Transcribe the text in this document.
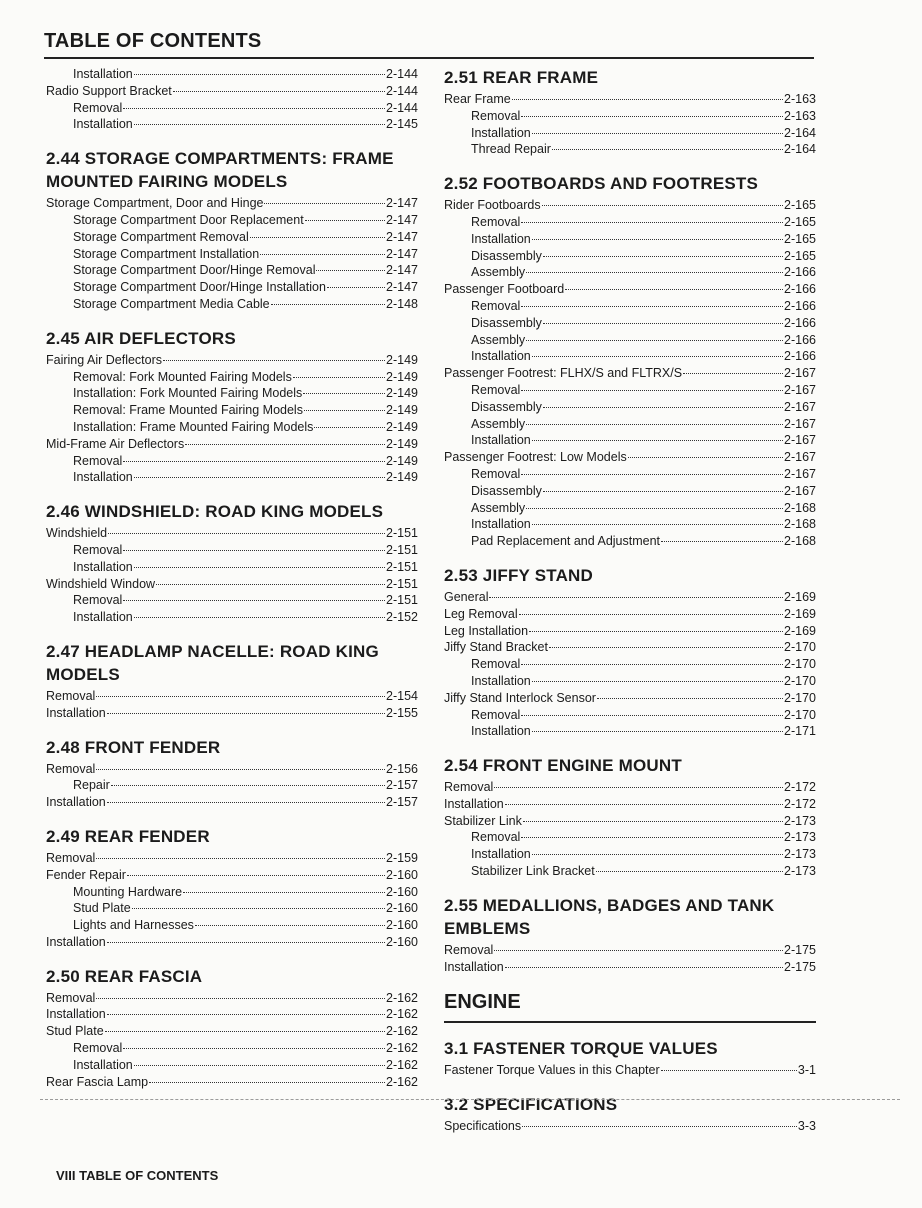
TABLE OF CONTENTS
Installation	2-144
Radio Support Bracket	2-144
Removal	2-144
Installation	2-145
2.44 STORAGE COMPARTMENTS: FRAME MOUNTED FAIRING MODELS
Storage Compartment, Door and Hinge	2-147
Storage Compartment Door Replacement	2-147
Storage Compartment Removal	2-147
Storage Compartment Installation	2-147
Storage Compartment Door/Hinge Removal	2-147
Storage Compartment Door/Hinge Installation	2-147
Storage Compartment Media Cable	2-148
2.45 AIR DEFLECTORS
Fairing Air Deflectors	2-149
Removal: Fork Mounted Fairing Models	2-149
Installation: Fork Mounted Fairing Models	2-149
Removal: Frame Mounted Fairing Models	2-149
Installation: Frame Mounted Fairing Models	2-149
Mid-Frame Air Deflectors	2-149
Removal	2-149
Installation	2-149
2.46 WINDSHIELD: ROAD KING MODELS
Windshield	2-151
Removal	2-151
Installation	2-151
Windshield Window	2-151
Removal	2-151
Installation	2-152
2.47 HEADLAMP NACELLE: ROAD KING MODELS
Removal	2-154
Installation	2-155
2.48 FRONT FENDER
Removal	2-156
Repair	2-157
Installation	2-157
2.49 REAR FENDER
Removal	2-159
Fender Repair	2-160
Mounting Hardware	2-160
Stud Plate	2-160
Lights and Harnesses	2-160
Installation	2-160
2.50 REAR FASCIA
Removal	2-162
Installation	2-162
Stud Plate	2-162
Removal	2-162
Installation	2-162
Rear Fascia Lamp	2-162
2.51 REAR FRAME
Rear Frame	2-163
Removal	2-163
Installation	2-164
Thread Repair	2-164
2.52 FOOTBOARDS AND FOOTRESTS
Rider Footboards	2-165
Removal	2-165
Installation	2-165
Disassembly	2-165
Assembly	2-166
Passenger Footboard	2-166
Removal	2-166
Disassembly	2-166
Assembly	2-166
Installation	2-166
Passenger Footrest: FLHX/S and FLTRX/S	2-167
Removal	2-167
Disassembly	2-167
Assembly	2-167
Installation	2-167
Passenger Footrest: Low Models	2-167
Removal	2-167
Disassembly	2-167
Assembly	2-168
Installation	2-168
Pad Replacement and Adjustment	2-168
2.53 JIFFY STAND
General	2-169
Leg Removal	2-169
Leg Installation	2-169
Jiffy Stand Bracket	2-170
Removal	2-170
Installation	2-170
Jiffy Stand Interlock Sensor	2-170
Removal	2-170
Installation	2-171
2.54 FRONT ENGINE MOUNT
Removal	2-172
Installation	2-172
Stabilizer Link	2-173
Removal	2-173
Installation	2-173
Stabilizer Link Bracket	2-173
2.55 MEDALLIONS, BADGES AND TANK EMBLEMS
Removal	2-175
Installation	2-175
ENGINE
3.1 FASTENER TORQUE VALUES
Fastener Torque Values in this Chapter	3-1
3.2 SPECIFICATIONS
Specifications	3-3
VIII TABLE OF CONTENTS
